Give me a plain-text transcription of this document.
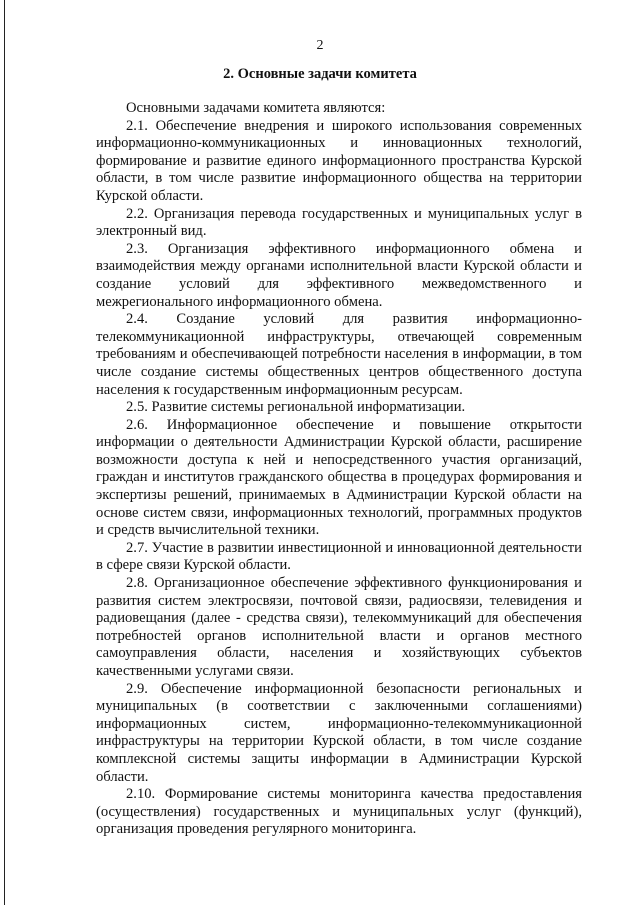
2
2. Основные задачи комитета

Основными задачами комитета являются:

2.1. Обеспечение внедрения и широкого использования современных информационно-коммуникационных и инновационных технологий, формирование и развитие единого информационного пространства Курской области, в том числе развитие информационного общества на территории Курской области.

2.2. Организация перевода государственных и муниципальных услуг в электронный вид.

2.3. Организация эффективного информационного обмена и взаимодействия между органами исполнительной власти Курской области и создание условий для эффективного межведомственного и межрегионального информационного обмена.

2.4. Создание условий для развития информационно-телекоммуникационной инфраструктуры, отвечающей современным требованиям и обеспечивающей потребности населения в информации, в том числе создание системы общественных центров общественного доступа населения к государственным информационным ресурсам.

2.5. Развитие системы региональной информатизации.

2.6. Информационное обеспечение и повышение открытости информации о деятельности Администрации Курской области, расширение возможности доступа к ней и непосредственного участия организаций, граждан и институтов гражданского общества в процедурах формирования и экспертизы решений, принимаемых в Администрации Курской области на основе систем связи, информационных технологий, программных продуктов и средств вычислительной техники.

2.7. Участие в развитии инвестиционной и инновационной деятельности в сфере связи Курской области.

2.8. Организационное обеспечение эффективного функционирования и развития систем электросвязи, почтовой связи, радиосвязи, телевидения и радиовещания (далее - средства связи), телекоммуникаций для обеспечения потребностей органов исполнительной власти и органов местного самоуправления области, населения и хозяйствующих субъектов качественными услугами связи.

2.9. Обеспечение информационной безопасности региональных и муниципальных (в соответствии с заключенными соглашениями) информационных систем, информационно-телекоммуникационной инфраструктуры на территории Курской области, в том числе создание комплексной системы защиты информации в Администрации Курской области.

2.10. Формирование системы мониторинга качества предоставления (осуществления) государственных и муниципальных услуг (функций), организация проведения регулярного мониторинга.
